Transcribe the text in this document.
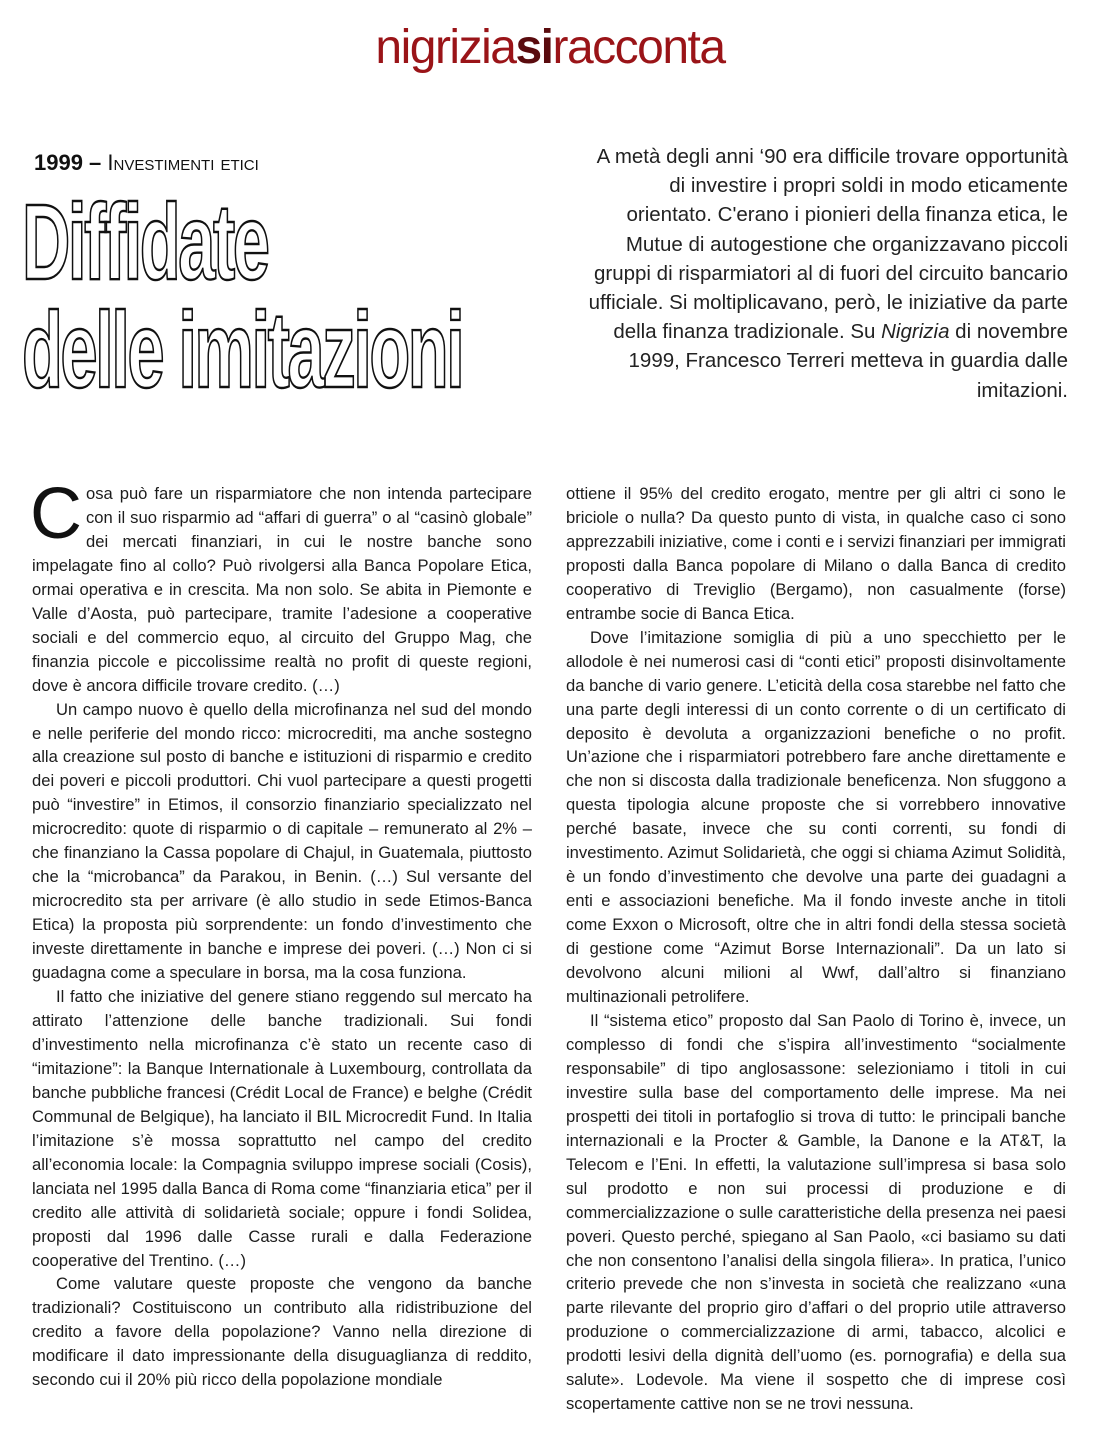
nigriziasiracconta
1999 – Investimenti etici
Diffidate
delle imitazioni
A metà degli anni ‘90 era difficile trovare opportunità di investire i propri soldi in modo eticamente orientato. C'erano i pionieri della finanza etica, le Mutue di autogestione che organizzavano piccoli gruppi di risparmiatori al di fuori del circuito bancario ufficiale. Si moltiplicavano, però, le iniziative da parte della finanza tradizionale. Su Nigrizia di novembre 1999, Francesco Terreri metteva in guardia dalle imitazioni.

Cosa può fare un risparmiatore che non intenda partecipare con il suo risparmio ad “affari di guerra” o al “casinò globale” dei mercati finanziari, in cui le nostre banche sono impelagate fino al collo? Può rivolgersi alla Banca Popolare Etica, ormai operativa e in crescita. Ma non solo. Se abita in Piemonte e Valle d’Aosta, può partecipare, tramite l’adesione a cooperative sociali e del commercio equo, al circuito del Gruppo Mag, che finanzia piccole e piccolissime realtà no profit di queste regioni, dove è ancora difficile trovare credito. (…)

Un campo nuovo è quello della microfinanza nel sud del mondo e nelle periferie del mondo ricco: microcrediti, ma anche sostegno alla creazione sul posto di banche e istituzioni di risparmio e credito dei poveri e piccoli produttori. Chi vuol partecipare a questi progetti può “investire” in Etimos, il consorzio finanziario specializzato nel microcredito: quote di risparmio o di capitale – remunerato al 2% – che finanziano la Cassa popolare di Chajul, in Guatemala, piuttosto che la “microbanca” da Parakou, in Benin. (…) Sul versante del microcredito sta per arrivare (è allo studio in sede Etimos-Banca Etica) la proposta più sorprendente: un fondo d’investimento che investe direttamente in banche e imprese dei poveri. (…) Non ci si guadagna come a speculare in borsa, ma la cosa funziona.

Il fatto che iniziative del genere stiano reggendo sul mercato ha attirato l’attenzione delle banche tradizionali. Sui fondi d’investimento nella microfinanza c’è stato un recente caso di “imitazione”: la Banque Internationale à Luxembourg, controllata da banche pubbliche francesi (Crédit Local de France) e belghe (Crédit Communal de Belgique), ha lanciato il BIL Microcredit Fund. In Italia l’imitazione s’è mossa soprattutto nel campo del credito all’economia locale: la Compagnia sviluppo imprese sociali (Cosis), lanciata nel 1995 dalla Banca di Roma come “finanziaria etica” per il credito alle attività di solidarietà sociale; oppure i fondi Solidea, proposti dal 1996 dalle Casse rurali e dalla Federazione cooperative del Trentino. (…)

Come valutare queste proposte che vengono da banche tradizionali? Costituiscono un contributo alla ridistribuzione del credito a favore della popolazione? Vanno nella direzione di modificare il dato impressionante della disuguaglianza di reddito, secondo cui il 20% più ricco della popolazione mondiale

ottiene il 95% del credito erogato, mentre per gli altri ci sono le briciole o nulla? Da questo punto di vista, in qualche caso ci sono apprezzabili iniziative, come i conti e i servizi finanziari per immigrati proposti dalla Banca popolare di Milano o dalla Banca di credito cooperativo di Treviglio (Bergamo), non casualmente (forse) entrambe socie di Banca Etica.

Dove l’imitazione somiglia di più a uno specchietto per le allodole è nei numerosi casi di “conti etici” proposti disinvoltamente da banche di vario genere. L’eticità della cosa starebbe nel fatto che una parte degli interessi di un conto corrente o di un certificato di deposito è devoluta a organizzazioni benefiche o no profit. Un’azione che i risparmiatori potrebbero fare anche direttamente e che non si discosta dalla tradizionale beneficenza. Non sfuggono a questa tipologia alcune proposte che si vorrebbero innovative perché basate, invece che su conti correnti, su fondi di investimento. Azimut Solidarietà, che oggi si chiama Azimut Solidità, è un fondo d’investimento che devolve una parte dei guadagni a enti e associazioni benefiche. Ma il fondo investe anche in titoli come Exxon o Microsoft, oltre che in altri fondi della stessa società di gestione come “Azimut Borse Internazionali”. Da un lato si devolvono alcuni milioni al Wwf, dall’altro si finanziano multinazionali petrolifere.

Il “sistema etico” proposto dal San Paolo di Torino è, invece, un complesso di fondi che s’ispira all’investimento “socialmente responsabile” di tipo anglosassone: selezioniamo i titoli in cui investire sulla base del comportamento delle imprese. Ma nei prospetti dei titoli in portafoglio si trova di tutto: le principali banche internazionali e la Procter & Gamble, la Danone e la AT&T, la Telecom e l’Eni. In effetti, la valutazione sull’impresa si basa solo sul prodotto e non sui processi di produzione e di commercializzazione o sulle caratteristiche della presenza nei paesi poveri. Questo perché, spiegano al San Paolo, «ci basiamo su dati che non consentono l’analisi della singola filiera». In pratica, l’unico criterio prevede che non s’investa in società che realizzano «una parte rilevante del proprio giro d’affari o del proprio utile attraverso produzione o commercializzazione di armi, tabacco, alcolici e prodotti lesivi della dignità dell’uomo (es. pornografia) e della sua salute». Lodevole. Ma viene il sospetto che di imprese così scopertamente cattive non se ne trovi nessuna.
